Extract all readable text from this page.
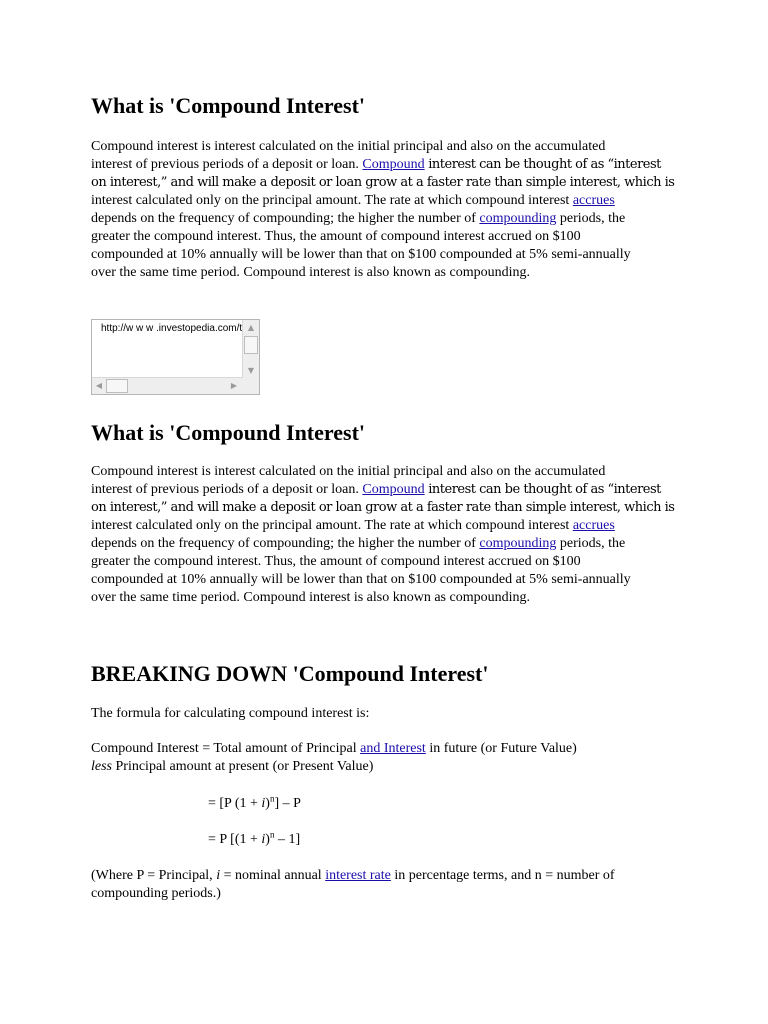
What is 'Compound Interest'
Compound interest is interest calculated on the initial principal and also on the accumulated
interest of previous periods of a deposit or loan. Compound interest can be thought of as “interest
on interest,” and will make a deposit or loan grow at a faster rate than simple interest, which is
interest calculated only on the principal amount. The rate at which compound interest accrues
depends on the frequency of compounding; the higher the number of compounding periods, the
greater the compound interest. Thus, the amount of compound interest accrued on $100
compounded at 10% annually will be lower than that on $100 compounded at 5% semi-annually
over the same time period. Compound interest is also known as compounding.
What is 'Compound Interest'
Compound interest is interest calculated on the initial principal and also on the accumulated
interest of previous periods of a deposit or loan. Compound interest can be thought of as “interest
on interest,” and will make a deposit or loan grow at a faster rate than simple interest, which is
interest calculated only on the principal amount. The rate at which compound interest accrues
depends on the frequency of compounding; the higher the number of compounding periods, the
greater the compound interest. Thus, the amount of compound interest accrued on $100
compounded at 10% annually will be lower than that on $100 compounded at 5% semi-annually
over the same time period. Compound interest is also known as compounding.
BREAKING DOWN 'Compound Interest'
The formula for calculating compound interest is:
Compound Interest = Total amount of Principal and Interest in future (or Future Value)
less Principal amount at present (or Present Value)
= [P $(1 + i)^n] - P$
= P $[(1 + i)^n - 1]$
(Where P = Principal, i = nominal annual interest rate in percentage terms, and n = number of
compounding periods.)
http://w w w .investopedia.com/t ▲
▼
◀	▶
